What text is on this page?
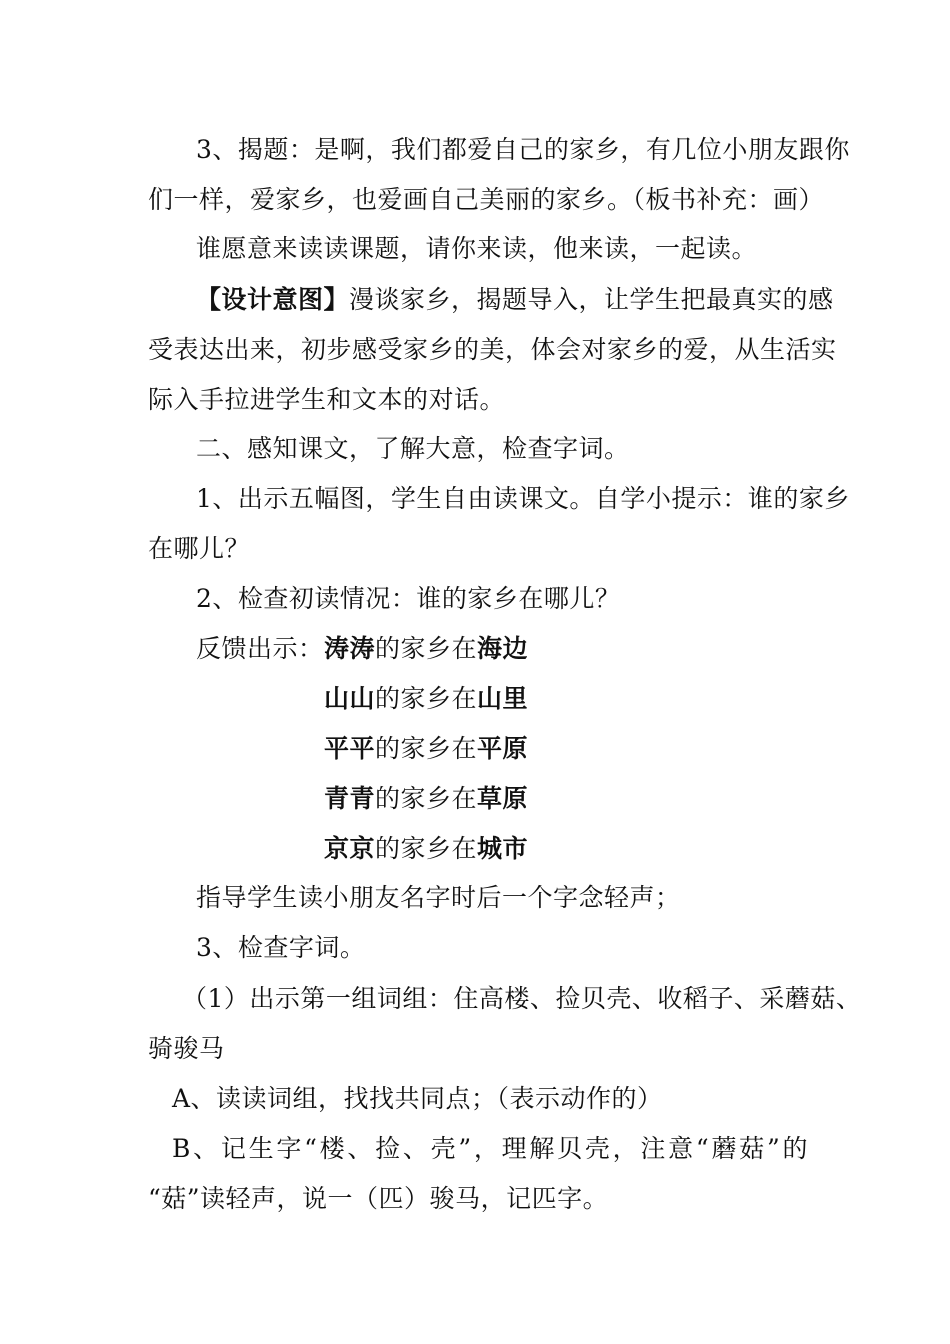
3、揭题：是啊，我们都爱自己的家乡，有几位小朋友跟你
们一样，爱家乡，也爱画自己美丽的家乡。（板书补充：画）
谁愿意来读读课题，请你来读，他来读，一起读。
【设计意图】漫谈家乡，揭题导入，让学生把最真实的感
受表达出来，初步感受家乡的美，体会对家乡的爱，从生活实
际入手拉进学生和文本的对话。
二、感知课文，了解大意，检查字词。
1、出示五幅图，学生自由读课文。自学小提示：谁的家乡
在哪儿？
2、检查初读情况：谁的家乡在哪儿？
反馈出示： 涛涛的家乡在海边
山山的家乡在山里
平平的家乡在平原
青青的家乡在草原
京京的家乡在城市
指导学生读小朋友名字时后一个字念轻声；
3、检查字词。
（1）出示第一组词组：住高楼、捡贝壳、收稻子、采蘑菇、
骑骏马
A、读读词组，找找共同点；（表示动作的）
B、记生字“楼、捡、壳”，理解贝壳，注意“蘑菇”的
“菇”读轻声，说一（匹）骏马，记匹字。
